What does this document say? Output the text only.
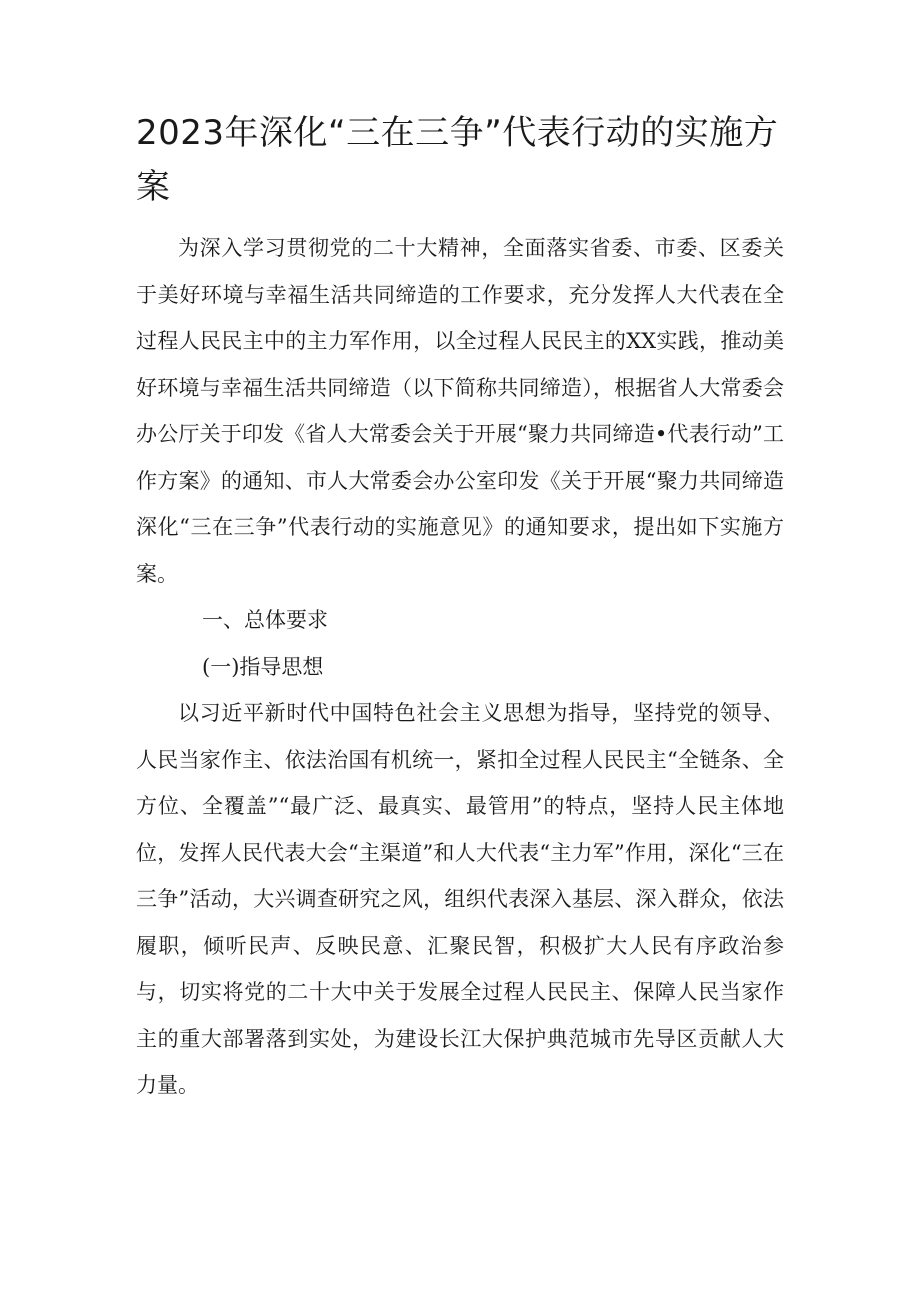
2023年深化“三在三争”代表行动的实施方案

为深入学习贯彻党的二十大精神，全面落实省委、市委、区委关于美好环境与幸福生活共同缔造的工作要求，充分发挥人大代表在全过程人民民主中的主力军作用，以全过程人民民主的XX实践，推动美好环境与幸福生活共同缔造（以下简称共同缔造），根据省人大常委会办公厅关于印发《省人大常委会关于开展“聚力共同缔造•代表行动”工作方案》的通知、市人大常委会办公室印发《关于开展“聚力共同缔造深化“三在三争”代表行动的实施意见》的通知要求，提出如下实施方案。

一、总体要求

(一)指导思想

以习近平新时代中国特色社会主义思想为指导，坚持党的领导、人民当家作主、依法治国有机统一，紧扣全过程人民民主“全链条、全方位、全覆盖”“最广泛、最真实、最管用”的特点，坚持人民主体地位，发挥人民代表大会“主渠道”和人大代表“主力军”作用，深化“三在三争”活动，大兴调查研究之风，组织代表深入基层、深入群众，依法履职，倾听民声、反映民意、汇聚民智，积极扩大人民有序政治参与，切实将党的二十大中关于发展全过程人民民主、保障人民当家作主的重大部署落到实处，为建设长江大保护典范城市先导区贡献人大力量。
